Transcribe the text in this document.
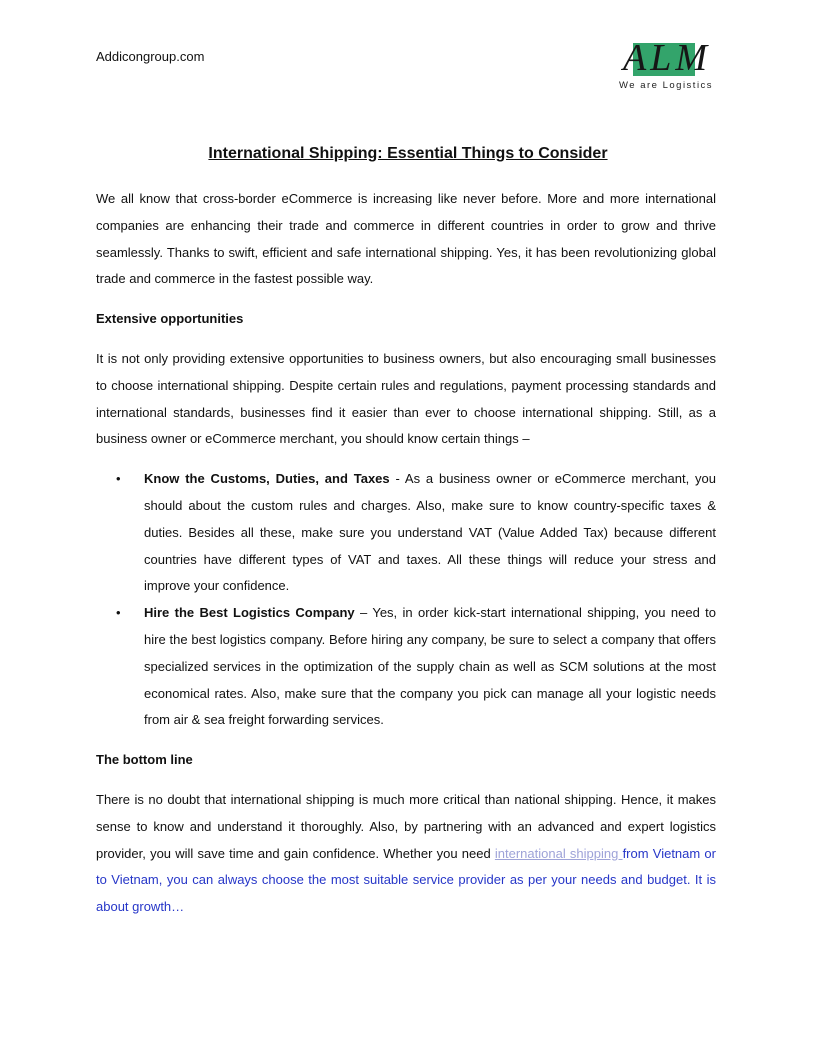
Addicongroup.com	ALM
We are Logistics
International Shipping: Essential Things to Consider

We all know that cross-border eCommerce is increasing like never before. More and more international companies are enhancing their trade and commerce in different countries in order to grow and thrive seamlessly. Thanks to swift, efficient and safe international shipping. Yes, it has been revolutionizing global trade and commerce in the fastest possible way.

Extensive opportunities

It is not only providing extensive opportunities to business owners, but also encouraging small businesses to choose international shipping. Despite certain rules and regulations, payment processing standards and international standards, businesses find it easier than ever to choose international shipping. Still, as a business owner or eCommerce merchant, you should know certain things –

• Know the Customs, Duties, and Taxes - As a business owner or eCommerce merchant, you should about the custom rules and charges. Also, make sure to know country-specific taxes & duties. Besides all these, make sure you understand VAT (Value Added Tax) because different countries have different types of VAT and taxes. All these things will reduce your stress and improve your confidence.

• Hire the Best Logistics Company – Yes, in order kick-start international shipping, you need to hire the best logistics company. Before hiring any company, be sure to select a company that offers specialized services in the optimization of the supply chain as well as SCM solutions at the most economical rates. Also, make sure that the company you pick can manage all your logistic needs from air & sea freight forwarding services.

The bottom line

There is no doubt that international shipping is much more critical than national shipping. Hence, it makes sense to know and understand it thoroughly. Also, by partnering with an advanced and expert logistics provider, you will save time and gain confidence. Whether you need international shipping from Vietnam or to Vietnam, you can always choose the most suitable service provider as per your needs and budget. It is about growth…
